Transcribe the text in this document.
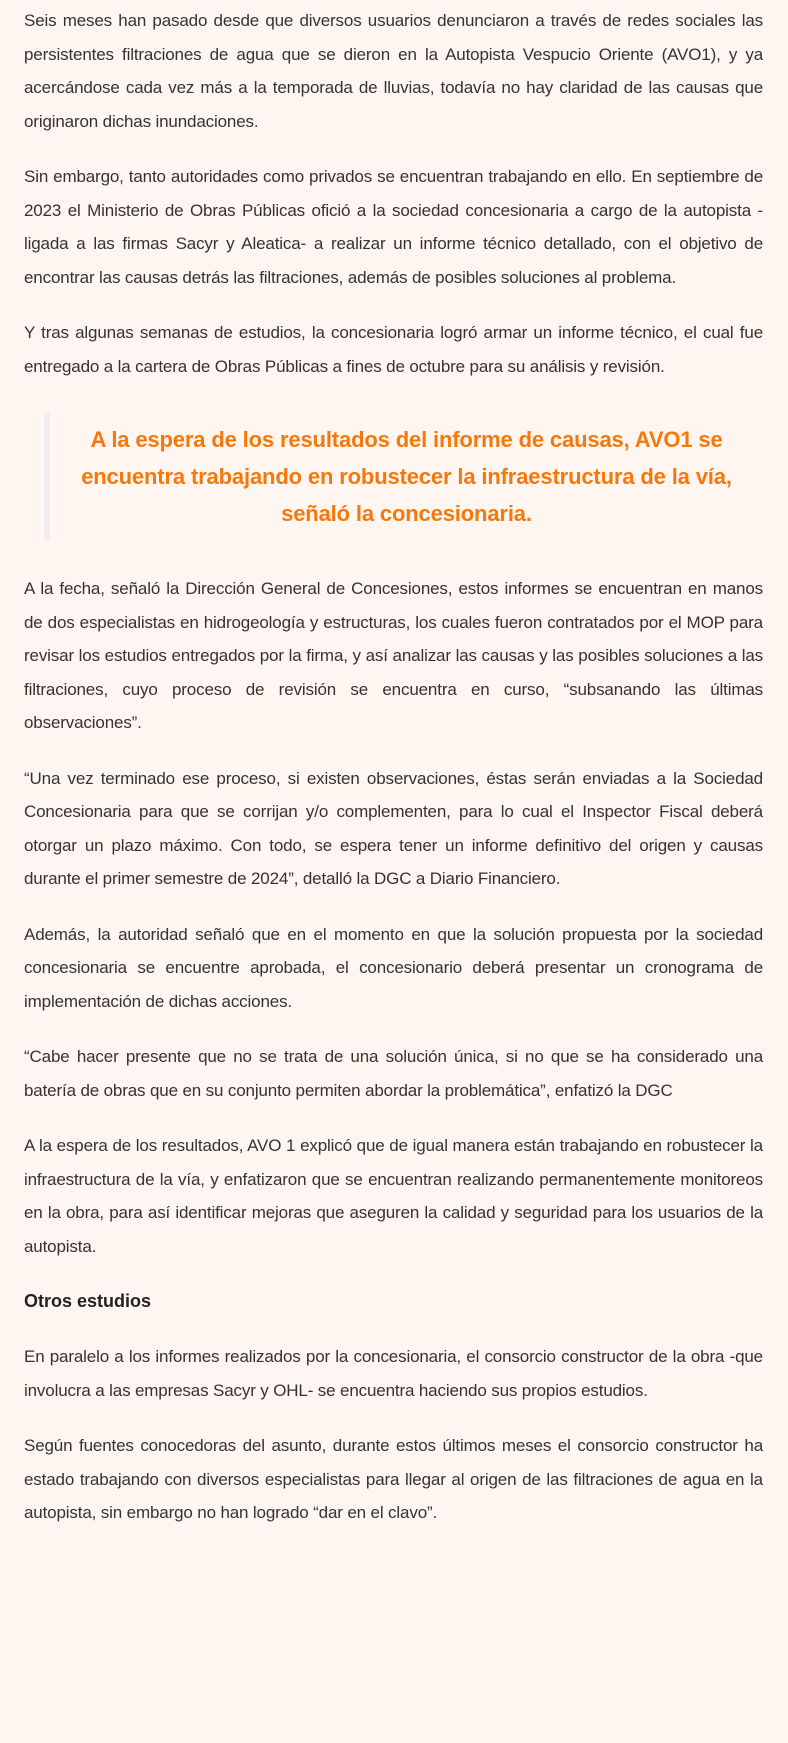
Seis meses han pasado desde que diversos usuarios denunciaron a través de redes sociales las persistentes filtraciones de agua que se dieron en la Autopista Vespucio Oriente (AVO1), y ya acercándose cada vez más a la temporada de lluvias, todavía no hay claridad de las causas que originaron dichas inundaciones.

Sin embargo, tanto autoridades como privados se encuentran trabajando en ello. En septiembre de 2023 el Ministerio de Obras Públicas ofició a la sociedad concesionaria a cargo de la autopista -ligada a las firmas Sacyr y Aleatica- a realizar un informe técnico detallado, con el objetivo de encontrar las causas detrás las filtraciones, además de posibles soluciones al problema.

Y tras algunas semanas de estudios, la concesionaria logró armar un informe técnico, el cual fue entregado a la cartera de Obras Públicas a fines de octubre para su análisis y revisión.

A la espera de los resultados del informe de causas, AVO1 se encuentra trabajando en robustecer la infraestructura de la vía, señaló la concesionaria.

A la fecha, señaló la Dirección General de Concesiones, estos informes se encuentran en manos de dos especialistas en hidrogeología y estructuras, los cuales fueron contratados por el MOP para revisar los estudios entregados por la firma, y así analizar las causas y las posibles soluciones a las filtraciones, cuyo proceso de revisión se encuentra en curso, “subsanando las últimas observaciones”.

“Una vez terminado ese proceso, si existen observaciones, éstas serán enviadas a la Sociedad Concesionaria para que se corrijan y/o complementen, para lo cual el Inspector Fiscal deberá otorgar un plazo máximo. Con todo, se espera tener un informe definitivo del origen y causas durante el primer semestre de 2024”, detalló la DGC a Diario Financiero.

Además, la autoridad señaló que en el momento en que la solución propuesta por la sociedad concesionaria se encuentre aprobada, el concesionario deberá presentar un cronograma de implementación de dichas acciones.

“Cabe hacer presente que no se trata de una solución única, si no que se ha considerado una batería de obras que en su conjunto permiten abordar la problemática”, enfatizó la DGC

A la espera de los resultados, AVO 1 explicó que de igual manera están trabajando en robustecer la infraestructura de la vía, y enfatizaron que se encuentran realizando permanentemente monitoreos en la obra, para así identificar mejoras que aseguren la calidad y seguridad para los usuarios de la autopista.

Otros estudios

En paralelo a los informes realizados por la concesionaria, el consorcio constructor de la obra -que involucra a las empresas Sacyr y OHL- se encuentra haciendo sus propios estudios.

Según fuentes conocedoras del asunto, durante estos últimos meses el consorcio constructor ha estado trabajando con diversos especialistas para llegar al origen de las filtraciones de agua en la autopista, sin embargo no han logrado “dar en el clavo”.
